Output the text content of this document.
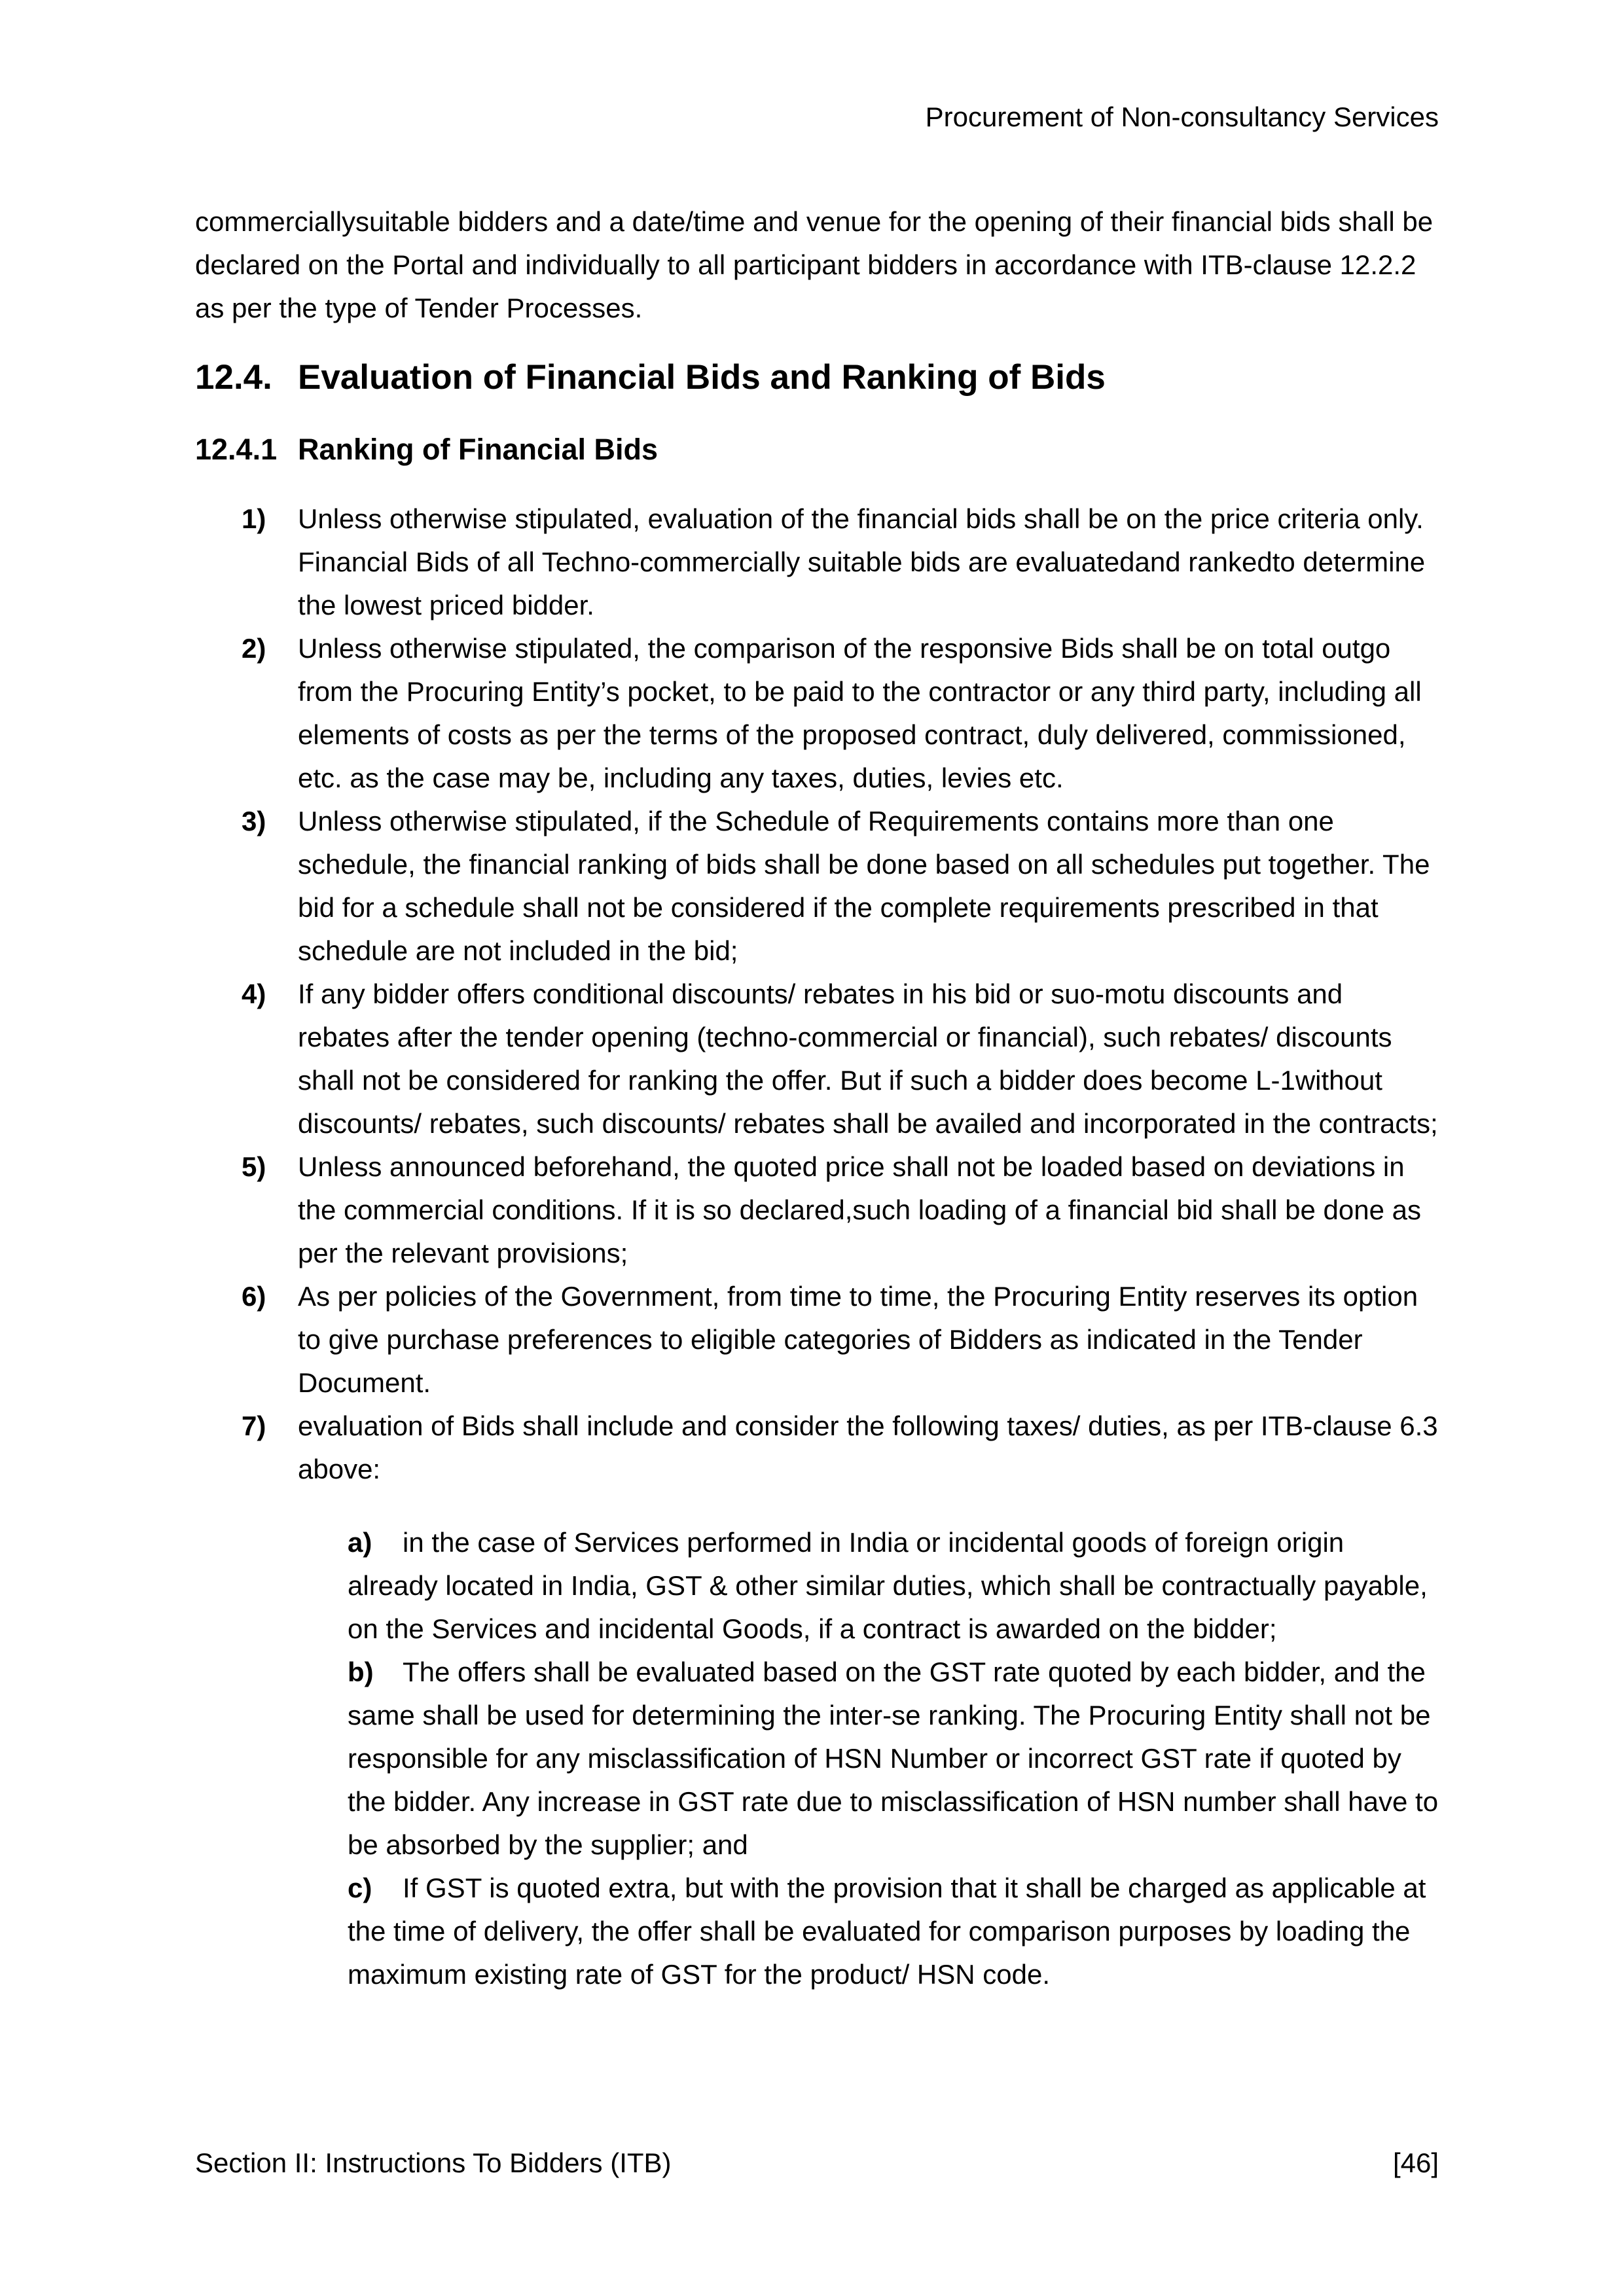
Procurement of Non-consultancy Services
commerciallysuitable bidders and a date/time and venue for the opening of their financial bids shall be declared on the Portal and individually to all participant bidders in accordance with ITB-clause 12.2.2 as per the type of Tender Processes.
12.4. Evaluation of Financial Bids and Ranking of Bids
12.4.1 Ranking of Financial Bids
1) Unless otherwise stipulated, evaluation of the financial bids shall be on the price criteria only. Financial Bids of all Techno-commercially suitable bids are evaluatedand rankedto determine the lowest priced bidder.
2) Unless otherwise stipulated, the comparison of the responsive Bids shall be on total outgo from the Procuring Entity’s pocket, to be paid to the contractor or any third party, including all elements of costs as per the terms of the proposed contract, duly delivered, commissioned, etc. as the case may be, including any taxes, duties, levies etc.
3) Unless otherwise stipulated, if the Schedule of Requirements contains more than one schedule, the financial ranking of bids shall be done based on all schedules put together. The bid for a schedule shall not be considered if the complete requirements prescribed in that schedule are not included in the bid;
4) If any bidder offers conditional discounts/ rebates in his bid or suo-motu discounts and rebates after the tender opening (techno-commercial or financial), such rebates/ discounts shall not be considered for ranking the offer. But if such a bidder does become L-1without discounts/ rebates, such discounts/ rebates shall be availed and incorporated in the contracts;
5) Unless announced beforehand, the quoted price shall not be loaded based on deviations in the commercial conditions. If it is so declared,such loading of a financial bid shall be done as per the relevant provisions;
6) As per policies of the Government, from time to time, the Procuring Entity reserves its option to give purchase preferences to eligible categories of Bidders as indicated in the Tender Document.
7) evaluation of Bids shall include and consider the following taxes/ duties, as per ITB-clause 6.3 above:
a) in the case of Services performed in India or incidental goods of foreign origin already located in India, GST & other similar duties, which shall be contractually payable, on the Services and incidental Goods, if a contract is awarded on the bidder;
b) The offers shall be evaluated based on the GST rate quoted by each bidder, and the same shall be used for determining the inter-se ranking. The Procuring Entity shall not be responsible for any misclassification of HSN Number or incorrect GST rate if quoted by the bidder. Any increase in GST rate due to misclassification of HSN number shall have to be absorbed by the supplier; and
c) If GST is quoted extra, but with the provision that it shall be charged as applicable at the time of delivery, the offer shall be evaluated for comparison purposes by loading the maximum existing rate of GST for the product/ HSN code.
Section II: Instructions To Bidders (ITB)	[46]
